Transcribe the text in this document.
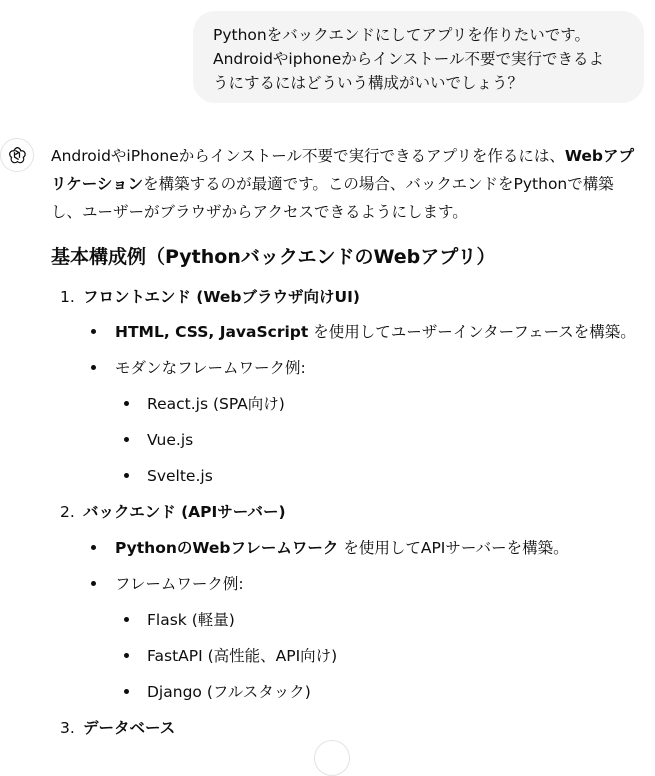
Pythonをバックエンドにしてアプリを作りたいです。

Androidやiphoneからインストール不要で実行できるよ

うにするにはどういう構成がいいでしょう？

AndroidやiPhoneからインストール不要で実行できるアプリを作るには、Webアプ
リケーションを構築するのが最適です。この場合、バックエンドをPythonで構築
し、ユーザーがブラウザからアクセスできるようにします。

基本構成例（PythonバックエンドのWebアプリ）
1. フロントエンド (Webブラウザ向けUI)
HTML, CSS, JavaScript を使用してユーザーインターフェースを構築。
モダンなフレームワーク例:
React.js (SPA向け)
Vue.js
Svelte.js
2. バックエンド (APIサーバー)
PythonのWebフレームワーク を使用してAPIサーバーを構築。
フレームワーク例:
Flask (軽量)
FastAPI (高性能、API向け)
Django (フルスタック)
3. データベース
